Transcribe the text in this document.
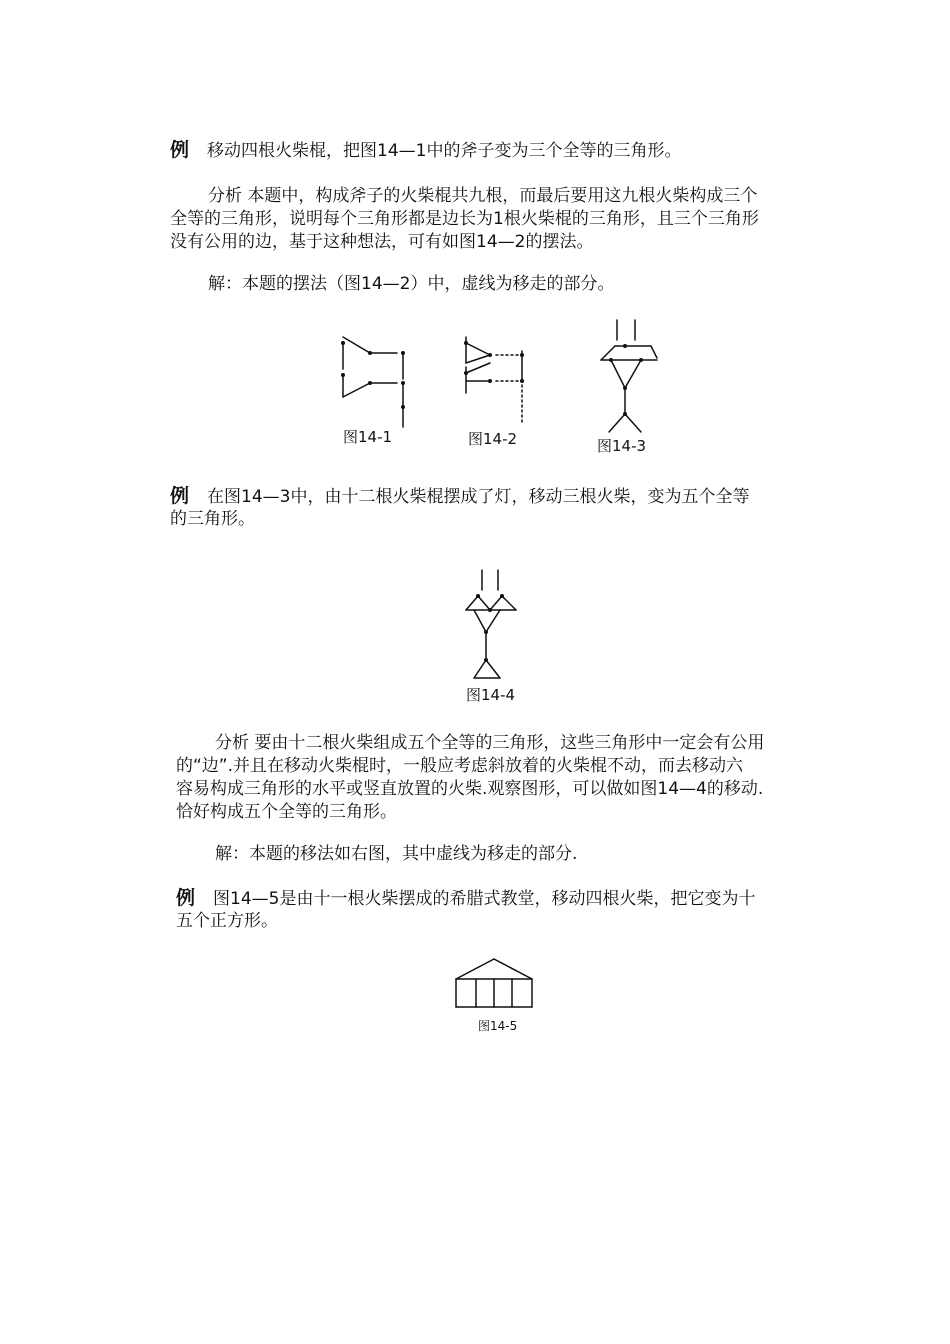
例 移动四根火柴棍，把图14—1中的斧子变为三个全等的三角形。
分析 本题中，构成斧子的火柴棍共九根，而最后要用这九根火柴构成三个
全等的三角形，说明每个三角形都是边长为1根火柴棍的三角形，且三个三角形
没有公用的边，基于这种想法，可有如图14—2的摆法。
解：本题的摆法（图14—2）中，虚线为移走的部分。
图14-1	图14-2	图14-3
例 在图14—3中，由十二根火柴棍摆成了灯，移动三根火柴，变为五个全等
的三角形。
图14-4
分析 要由十二根火柴组成五个全等的三角形，这些三角形中一定会有公用
的“边”.并且在移动火柴棍时，一般应考虑斜放着的火柴棍不动，而去移动六
容易构成三角形的水平或竖直放置的火柴.观察图形，可以做如图14—4的移动.
恰好构成五个全等的三角形。
解：本题的移法如右图，其中虚线为移走的部分.
例 图14—5是由十一根火柴摆成的希腊式教堂，移动四根火柴，把它变为十
五个正方形。
图14-5
